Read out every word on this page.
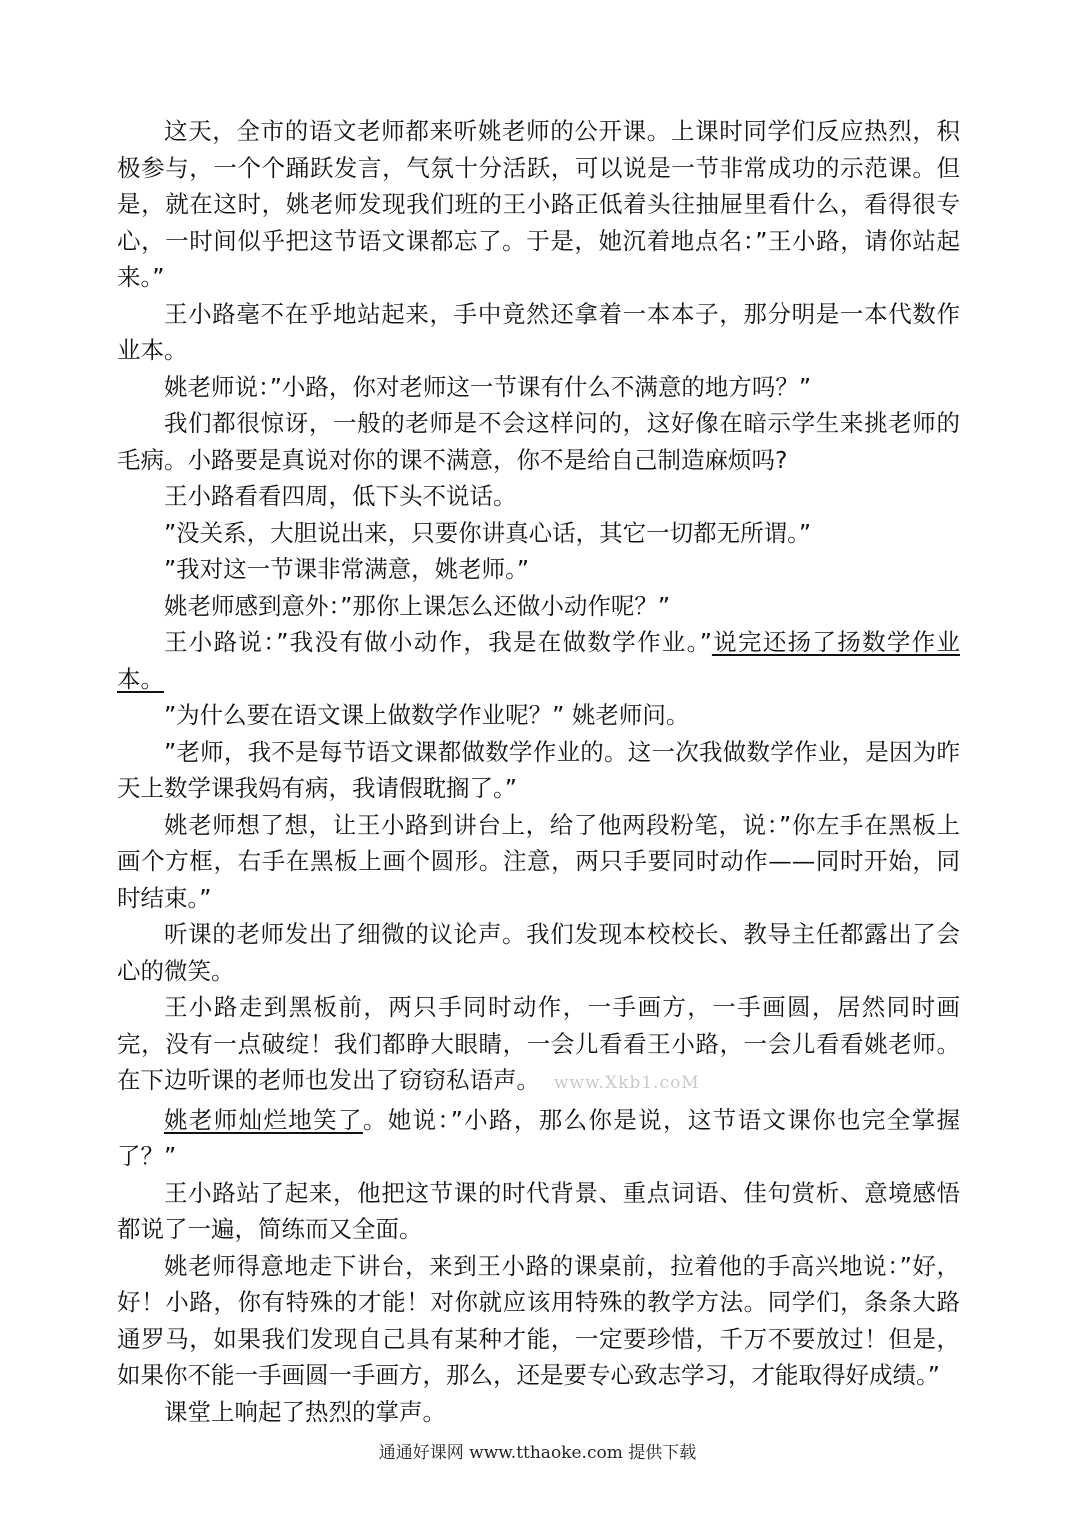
这天，全市的语文老师都来听姚老师的公开课。上课时同学们反应热烈，积极参与，一个个踊跃发言，气氛十分活跃，可以说是一节非常成功的示范课。但是，就在这时，姚老师发现我们班的王小路正低着头往抽屉里看什么，看得很专心，一时间似乎把这节语文课都忘了。于是，她沉着地点名：”王小路，请你站起来。”

王小路毫不在乎地站起来，手中竟然还拿着一本本子，那分明是一本代数作业本。

姚老师说：”小路，你对老师这一节课有什么不满意的地方吗？”

我们都很惊讶，一般的老师是不会这样问的，这好像在暗示学生来挑老师的毛病。小路要是真说对你的课不满意，你不是给自己制造麻烦吗?

王小路看看四周，低下头不说话。

”没关系，大胆说出来，只要你讲真心话，其它一切都无所谓。”

”我对这一节课非常满意，姚老师。”

姚老师感到意外：”那你上课怎么还做小动作呢？”

王小路说：”我没有做小动作，我是在做数学作业。”说完还扬了扬数学作业本。

”为什么要在语文课上做数学作业呢？” 姚老师问。

”老师，我不是每节语文课都做数学作业的。这一次我做数学作业，是因为昨天上数学课我妈有病，我请假耽搁了。”

姚老师想了想，让王小路到讲台上，给了他两段粉笔，说：”你左手在黑板上画个方框，右手在黑板上画个圆形。注意，两只手要同时动作——同时开始，同时结束。”

听课的老师发出了细微的议论声。我们发现本校校长、教导主任都露出了会心的微笑。

王小路走到黑板前，两只手同时动作，一手画方，一手画圆，居然同时画完，没有一点破绽！我们都睁大眼睛，一会儿看看王小路，一会儿看看姚老师。在下边听课的老师也发出了窃窃私语声。 www.Xkb1.coM

姚老师灿烂地笑了。她说：”小路，那么你是说，这节语文课你也完全掌握了？”

王小路站了起来，他把这节课的时代背景、重点词语、佳句赏析、意境感悟都说了一遍，简练而又全面。

姚老师得意地走下讲台，来到王小路的课桌前，拉着他的手高兴地说：”好，好！小路，你有特殊的才能！对你就应该用特殊的教学方法。同学们，条条大路通罗马，如果我们发现自己具有某种才能，一定要珍惜，千万不要放过！但是，如果你不能一手画圆一手画方，那么，还是要专心致志学习，才能取得好成绩。”

课堂上响起了热烈的掌声。

通通好课网 www.tthaoke.com 提供下载
